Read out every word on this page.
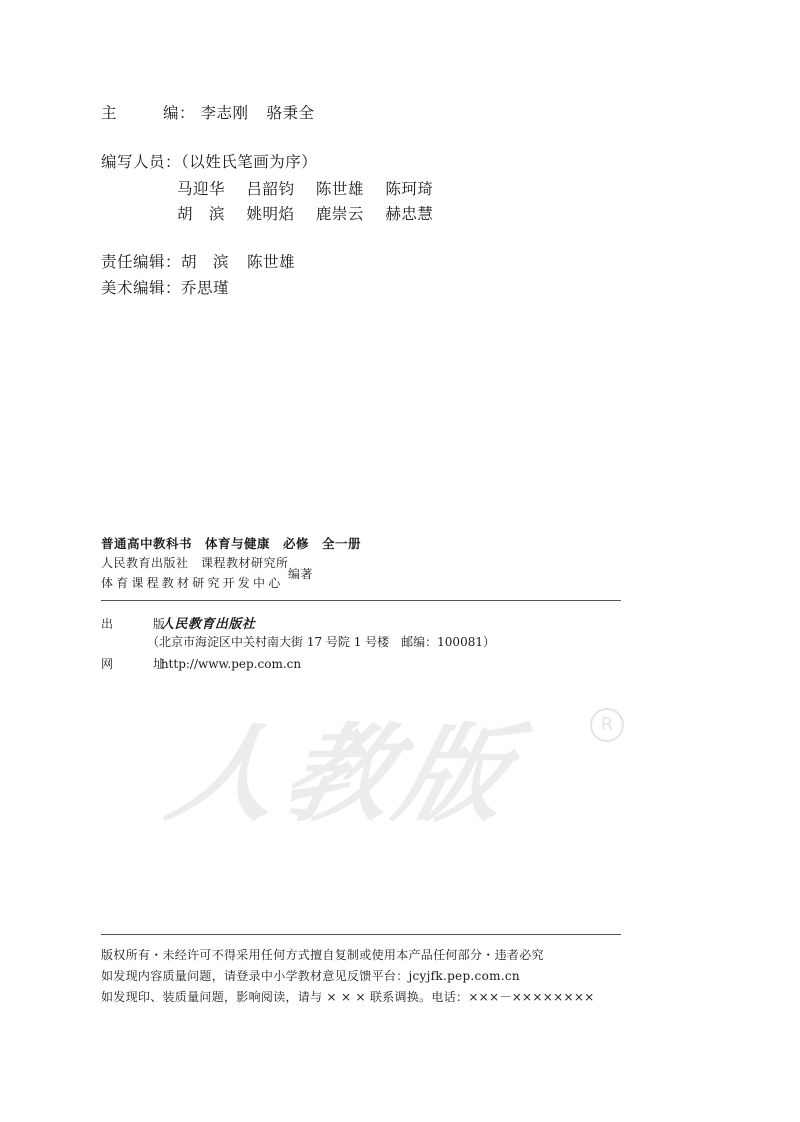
主	编： 李志刚 骆秉全
编写人员：（以姓氏笔画为序）
马迎华 吕韶钧 陈世雄 陈珂琦
胡　滨 姚明焰 鹿崇云 赫忠慧
责任编辑：胡　滨 陈世雄
美术编辑：乔思瑾
普通高中教科书　体育与健康　必修　全一册
人民教育出版社　课程教材研究所
体育课程教材研究开发中心
编著
出　版 人民教育出版社
（北京市海淀区中关村南大街 17 号院 1 号楼　邮编：100081）
网　址 http://www.pep.com.cn
人教版	R
版权所有・未经许可不得采用任何方式擅自复制或使用本产品任何部分・违者必究
如发现内容质量问题，请登录中小学教材意见反馈平台：jcyjfk.pep.com.cn
如发现印、装质量问题，影响阅读，请与 × × × 联系调换。电话：×××－××××××××
